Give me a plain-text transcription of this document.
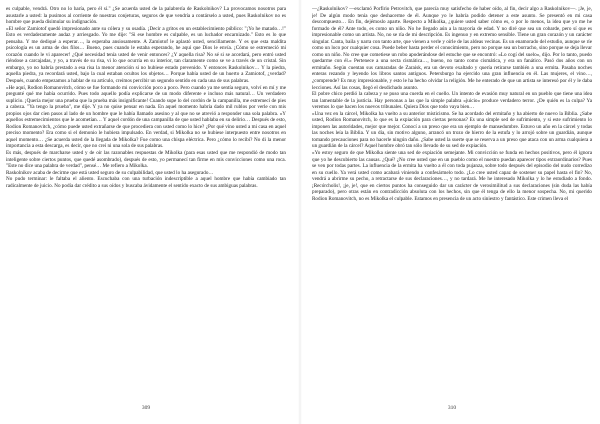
es culpable, vendrá. Otro no lo haría, pero él sí." ¿Se acuerda usted de la palabrería de Raskolnikov? La provocamos nosotros para asustarle a usted: la pusimos al corriente de nuestras conjeturas, seguros de que vendría a contárselo a usted, pues Raskolnikov no es hombre que pueda disimular su indignación.

»El señor Zamiotof quedó impresionado ante su cólera y su osadía. ¡Decir a gritos en un establecimiento público: "¡Yo he matado…!" Esto es verdaderamente audaz y arriesgado. Yo me dije: "Si ese hombre es culpable, es un luchador encarnizado." Esto es lo que pensaba. Y me dediqué a esperar…, la esperaba ansiosamente. A Zamiotof le aplastó usted, sencillamente. Y es que esta maldita psicología es un arma de dos filos… Bueno, pues cuando le estaba esperando, he aquí que Dios le envía. ¡Cómo se estremeció mi corazón cuando le vi aparecer! ¿Qué necesidad tenía usted de venir entonces? ¿Y aquella risa? No sé si se acordará, pero entró usted riéndose a carcajadas, y yo, a través de su risa, vi lo que ocurría en su interior, tan claramente como se ve a través de un cristal. Sin embargo, yo no habría prestado a esa risa la menor atención si no hubiese estado prevenido. Y entonces Raskolnikov… Y la piedra, aquella piedra, ya recordará usted, bajo la cual estaban ocultos los objetos… Porque había usted de un huerto a Zamiotof, ¿verdad? Después, cuando empezamos a hablar de su artículo, creímos percibir un segundo sentido en cada una de sus palabras.

»He aquí, Rodion Romanovitch, cómo se fue formando mi convicción poco a poco. Pero cuando ya me sentía seguro, volví en mí y me pregunté qué me había ocurrido. Pues todo aquello podía explicarse de un modo diferente e incluso más natural… Un verdadero suplicio. ¡Quería mejor una prueba que la prueba más insignificante! Cuando supe lo del cordón de la campanilla, me estremecí de pies a cabeza. "Ya tengo la prueba", me dije. Y ya no quise pensar en nada. En aquel momento habría dado mil rublos por verle con mis propios ojos dar cien pasos al lado de un hombre que le había llamado asesino y al que no se atrevió a responder una sola palabra. »Y aquellos estremecimientos que le acometían… Y aquel cordón de una campanilla de que usted hablaba en su delirio… Después de esto, Rodion Romanovitch, ¿cómo puede usted extrañarse de que procediera con usted como lo hice? ¿Por qué vino usted a mi casa en aquel preciso momento? Era como si el demonio le hubiera impulsado. En verdad, si Mikolka no se hubiese interpuesto entre nosotros en aquel momento… ¿Se acuerda usted de la llegada de Mikolka? Fue como una chispa eléctrica. Pero ¿cómo lo recibí? No di la menor importancia a esta descarga, es decir, que no creí ni una sola de sus palabras.

Es más, después de marcharse usted y de oír las razonables respuestas de Mikolka (para esas usted que me respondió de modo tan inteligente sobre ciertos puntos, que quedé asombrado), después de esto, yo permanecí tan firme en mis convicciones como una roca. "Este no dice una palabra de verdad", pensé… Me refiero a Mikolka.

Raskolnikov acaba de decirme que está usted seguro de su culpabilidad, que usted lo ha asegurado…

No pudo terminar: le faltaba el aliento. Escuchaba con una turbación indescriptible a aquel hombre que había cambiado tan radicalmente de juicio. No podía dar crédito a sus oídos y buscaba ávidamente el sentido exacto de sus ambiguas palabras.

309

—¿Raskolnikov? —exclamó Porfirio Petrovitch, que parecía muy satisfecho de haber oído, al fin, decir algo a Raskolnikov—. ¡Je, je, je! De algún modo tenía que deshacerme de él. Aunque yo le habría podido detener a este asunto. Se presentó en mi casa descompuesto… En fin, dejémoslo aparte. Respecto a Mikolka, ¿quiere usted saber cómo es, o por lo menos, la idea que yo me he formado de él? Ante todo, es como un niño. No he llegado aún a la mayoría de edad. Y no diré que sea un cobarde, pero sí que es impresionable como un artista. No, no se ría de mi descripción. Es ingenuo y en extremo sensible. Tiene un gran corazón y un carácter singular. Canta, baila y narra con tanto arte, que vienen a verle y oírle de las aldeas vecinas. Es un enamorado del estudio, aunque se ríe como un loco por cualquier cosa. Puede beber hasta perder el conocimiento, pero no porque sea un borracho, sino porque se deja llevar como un niño. No cree que cometiese un robo apoderándose del estuche que se encontró: «Lo cogí del suelo», dijo. Por lo tanto, puedo quedarme con él.» Pertenece a una secta cismática…, bueno, no tanto como cismática, y era un fanático. Pasó dos años con un ermitaño. Según cuentan sus camaradas de Zaraisk, era un devoto exaltado y quería retirarse también a una ermita. Pasaba noches enteras rezando y leyendo los libros santos antiguos. Petersburgo ha ejercido una gran influencia en él. Las mujeres, el vino…, ¿comprende? Es muy impresionable, y esto le ha hecho olvidar la religión. Me he enterado de que un artista se interesó por él y le daba lecciones. Así las cosas, llegó el desdichado asunto.

El pobre chico perdió la cabeza y se puso una cuerda en el cuello. Un intento de evasión muy natural en un pueblo que tiene una idea tan lamentable de la justicia. Hay personas a las que la simple palabra «juicio» produce verdadero terror. ¿De quién es la culpa? Ya veremos lo que hacen los nuevos tribunales. Quiera Dios que todo vaya bien…

»Una vez en la cárcel, Mikolka ha vuelto a su anterior misticismo. Se ha acordado del ermitaño y ha abierto de nuevo la Biblia. ¿Sabe usted, Rodion Romanovitch, lo que es la expiación para ciertas personas? Es una simple sed de sufrimiento, y si este sufrimiento lo imponen las autoridades, mejor que mejor. Conocí a un preso que era un ejemplo de mansedumbre. Estuvo un año en la cárcel y todas las noches leía la Biblia. Y un día, sin motivo alguno, arrancó un trozo de hierro de la estufa y lo arrojó sobre un guardián, aunque tomando precauciones para no hacerle ningún daño. ¿Sabe usted la suerte que se reserva a un preso que ataca con un arma cualquiera a un guardián de la cárcel? Aquel hombre obró tan sólo llevado de su sed de expiación.

»Yo estoy seguro de que Mikolka siente una sed de expiación semejante. Mi convicción se funda en hechos positivos, pero él ignora que yo he descubierto las causas. ¿Qué? ¿No cree usted que en un pueblo como el nuestro puedan aparecer tipos extraordinarios? Pues se ven por todas partes. La influencia de la ermita ha vuelto a él con toda pujanza, sobre todo después del episodio del nudo corredizo en su cuello. Ya verá usted como acabará viniendo a confesármelo todo. ¿Lo cree usted capaz de sostener su papel hasta el fin? No, vendrá a abrirme su pecho, a retractarse de sus declaraciones…, y no tardará. Me he interesado Mikolka y lo he estudiado a fondo. ¡Recórcholis!, ¡je, je!, que en ciertos puntos ha conseguido dar un carácter de verosimilitud a sus declaraciones (sin duda las había preparado), pero otras están en contradicción absoluta con los hechos, sin que él tenga de ello la menor sospecha. No, mi querido Rodion Romanovitch, no es Mikolka el culpable. Estamos en presencia de un acto siniestro y fantástico. Este crimen lleva el

310
